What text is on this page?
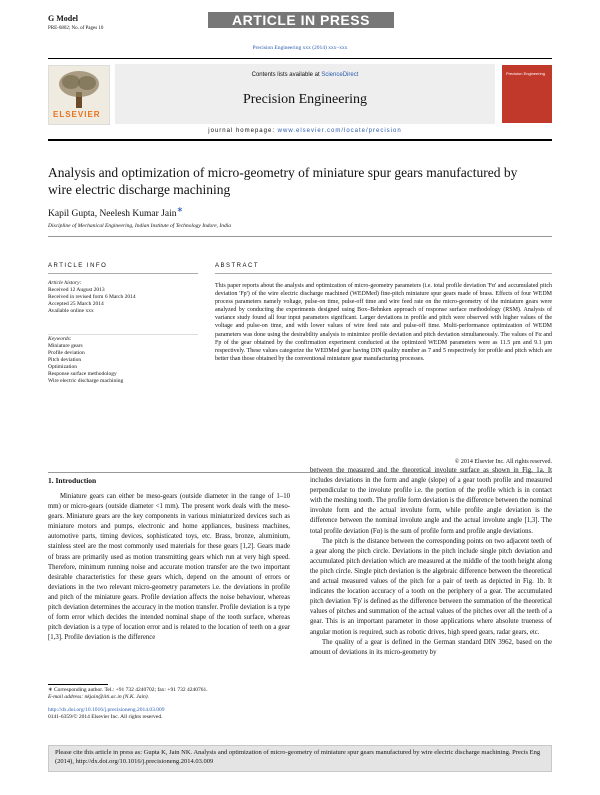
G Model
PRE-6802; No. of Pages 10
ARTICLE IN PRESS
Precision Engineering xxx (2014) xxx–xxx
ELSEVIER
Contents lists available at ScienceDirect
Precision Engineering
journal homepage: www.elsevier.com/locate/precision
Precision Engineering
Analysis and optimization of micro-geometry of miniature spur gears manufactured by wire electric discharge machining
Kapil Gupta, Neelesh Kumar Jain∗
Discipline of Mechanical Engineering, Indian Institute of Technology Indore, India
ARTICLE INFO
Article history:
Received 12 August 2013
Received in revised form 6 March 2014
Accepted 25 March 2014
Available online xxx
Keywords:
Miniature gears
Profile deviation
Pitch deviation
Optimization
Response surface methodology
Wire electric discharge machining
ABSTRACT
This paper reports about the analysis and optimization of micro-geometry parameters (i.e. total profile deviation 'Fα' and accumulated pitch deviation 'Fp') of the wire electric discharge machined (WEDMed) fine-pitch miniature spur gears made of brass. Effects of four WEDM process parameters namely voltage, pulse-on time, pulse-off time and wire feed rate on the micro-geometry of the miniature gears were analyzed by conducting the experiments designed using Box–Behnken approach of response surface methodology (RSM). Analysis of variance study found all four input parameters significant. Larger deviations in profile and pitch were observed with higher values of the voltage and pulse-on time, and with lower values of wire feed rate and pulse-off time. Multi-performance optimization of WEDM parameters was done using the desirability analysis to minimize profile deviation and pitch deviation simultaneously. The values of Fα and Fp of the gear obtained by the confirmation experiment conducted at the optimized WEDM parameters were as 11.5 μm and 9.1 μm respectively. These values categorize the WEDMed gear having DIN quality number as 7 and 5 respectively for profile and pitch which are better than those obtained by the conventional miniature gear manufacturing processes.
© 2014 Elsevier Inc. All rights reserved.
1. Introduction

Miniature gears can either be meso-gears (outside diameter in the range of 1–10 mm) or micro-gears (outside diameter <1 mm). The present work deals with the meso-gears. Miniature gears are the key components in various miniaturized devices such as miniature motors and pumps, electronic and home appliances, business machines, automotive parts, timing devices, sophisticated toys, etc. Brass, bronze, aluminium, stainless steel are the most commonly used materials for these gears [1,2]. Gears made of brass are primarily used as motion transmitting gears which run at very high speed. Therefore, minimum running noise and accurate motion transfer are the two important desirable characteristics for these gears which, depend on the amount of errors or deviations in the two relevant micro-geometry parameters i.e. the deviations in profile and pitch of the miniature gears. Profile deviation affects the noise behaviour, whereas pitch deviation determines the accuracy in the motion transfer. Profile deviation is a type of form error which decides the intended nominal shape of the tooth surface, whereas pitch deviation is a type of location error and is related to the location of teeth on a gear [1,3]. Profile deviation is the difference

between the measured and the theoretical involute surface as shown in Fig. 1a. It includes deviations in the form and angle (slope) of a gear tooth profile and measured perpendicular to the involute profile i.e. the portion of the profile which is in contact with the meshing tooth. The profile form deviation is the difference between the nominal involute form and the actual involute form, while profile angle deviation is the difference between the nominal involute angle and the actual involute angle [1,3]. The total profile deviation (Fα) is the sum of profile form and profile angle deviations.

The pitch is the distance between the corresponding points on two adjacent teeth of a gear along the pitch circle. Deviations in the pitch include single pitch deviation and accumulated pitch deviation which are measured at the middle of the tooth height along the pitch circle. Single pitch deviation is the algebraic difference between the theoretical and actual measured values of the pitch for a pair of teeth as depicted in Fig. 1b. It indicates the location accuracy of a tooth on the periphery of a gear. The accumulated pitch deviation 'Fp' is defined as the difference between the summation of the theoretical values of pitches and summation of the actual values of the pitches over all the teeth of a gear. This is an important parameter in those applications where absolute trueness of angular motion is required, such as robotic drives, high speed gears, radar gears, etc.

The quality of a gear is defined in the German standard DIN 3962, based on the amount of deviations in its micro-geometry by

∗ Corresponding author. Tel.: +91 732 4240702; fax: +91 732 4240761.
E-mail address: nkjain@iiti.ac.in (N.K. Jain).
http://dx.doi.org/10.1016/j.precisioneng.2014.03.009
0141-6359/© 2014 Elsevier Inc. All rights reserved.
Please cite this article in press as: Gupta K, Jain NK. Analysis and optimization of micro-geometry of miniature spur gears manufactured by wire electric discharge machining. Precis Eng (2014), http://dx.doi.org/10.1016/j.precisioneng.2014.03.009
